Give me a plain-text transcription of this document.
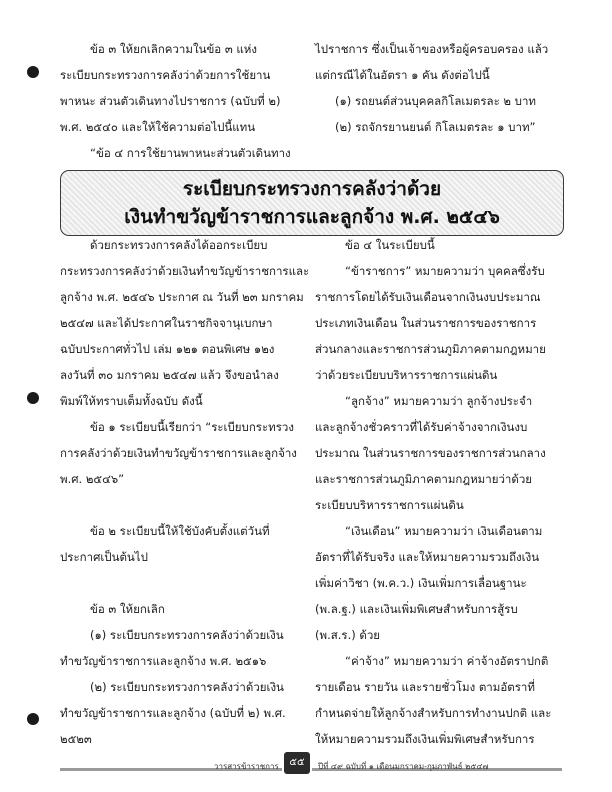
ข้อ ๓ ให้ยกเลิกความในข้อ ๓ แห่ง

ระเบียบกระทรวงการคลังว่าด้วยการใช้ยาน

พาหนะ ส่วนตัวเดินทางไปราชการ (ฉบับที่ ๒)

พ.ศ. ๒๕๔๐ และให้ใช้ความต่อไปนี้แทน

“ข้อ ๔ การใช้ยานพาหนะส่วนตัวเดินทาง

ไปราชการ ซึ่งเป็นเจ้าของหรือผู้ครอบครอง แล้ว

แต่กรณีได้ในอัตรา ๑ คัน ดังต่อไปนี้

(๑) รถยนต์ส่วนบุคคลกิโลเมตรละ ๒ บาท

(๒) รถจักรยานยนต์ กิโลเมตรละ ๑ บาท”

ระเบียบกระทรวงการคลังว่าด้วย
เงินทำขวัญข้าราชการและลูกจ้าง พ.ศ. ๒๕๔๖

ด้วยกระทรวงการคลังได้ออกระเบียบ

กระทรวงการคลังว่าด้วยเงินทำขวัญข้าราชการและ

ลูกจ้าง พ.ศ. ๒๕๔๖ ประกาศ ณ วันที่ ๒๓ มกราคม

๒๕๔๗ และได้ประกาศในราชกิจจานุเบกษา

ฉบับประกาศทั่วไป เล่ม ๑๒๑ ตอนพิเศษ ๑๒ง

ลงวันที่ ๓๐ มกราคม ๒๕๔๗ แล้ว จึงขอนำลง

พิมพ์ให้ทราบเต็มทั้งฉบับ ดังนี้

ข้อ ๑ ระเบียบนี้เรียกว่า “ระเบียบกระทรวง

การคลังว่าด้วยเงินทำขวัญข้าราชการและลูกจ้าง

พ.ศ. ๒๕๔๖”

ข้อ ๒ ระเบียบนี้ให้ใช้บังคับตั้งแต่วันที่

ประกาศเป็นต้นไป

ข้อ ๓ ให้ยกเลิก

(๑) ระเบียบกระทรวงการคลังว่าด้วยเงิน

ทำขวัญข้าราชการและลูกจ้าง พ.ศ. ๒๕๑๖

(๒) ระเบียบกระทรวงการคลังว่าด้วยเงิน

ทำขวัญข้าราชการและลูกจ้าง (ฉบับที่ ๒) พ.ศ.

๒๕๒๓

ข้อ ๔ ในระเบียบนี้

“ข้าราชการ” หมายความว่า บุคคลซึ่งรับ

ราชการโดยได้รับเงินเดือนจากเงินงบประมาณ

ประเภทเงินเดือน ในส่วนราชการของราชการ

ส่วนกลางและราชการส่วนภูมิภาคตามกฎหมาย

ว่าด้วยระเบียบบริหารราชการแผ่นดิน

“ลูกจ้าง” หมายความว่า ลูกจ้างประจำ

และลูกจ้างชั่วคราวที่ได้รับค่าจ้างจากเงินงบ

ประมาณ ในส่วนราชการของราชการส่วนกลาง

และราชการส่วนภูมิภาคตามกฎหมายว่าด้วย

ระเบียบบริหารราชการแผ่นดิน

“เงินเดือน” หมายความว่า เงินเดือนตาม

อัตราที่ได้รับจริง และให้หมายความรวมถึงเงิน

เพิ่มค่าวิชา (พ.ค.ว.) เงินเพิ่มการเลื่อนฐานะ

(พ.ล.ฐ.) และเงินเพิ่มพิเศษสำหรับการสู้รบ

(พ.ส.ร.) ด้วย

“ค่าจ้าง” หมายความว่า ค่าจ้างอัตราปกติ

รายเดือน รายวัน และรายชั่วโมง ตามอัตราที่

กำหนดจ่ายให้ลูกจ้างสำหรับการทำงานปกติ และ

ให้หมายความรวมถึงเงินเพิ่มพิเศษสำหรับการ

วารสารข้าราชการ	๕๕	ปีที่ ๔๙ ฉบับที่ ๑ เดือนมกราคม-กุมภาพันธ์ ๒๕๔๗
